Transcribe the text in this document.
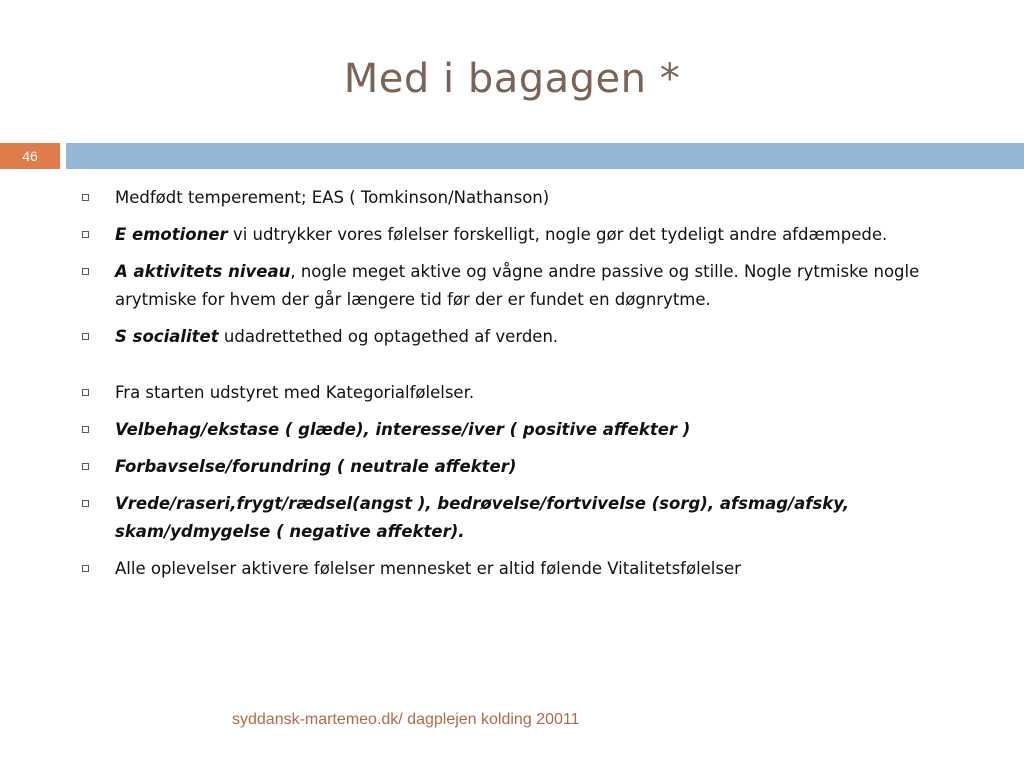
Med i bagagen *
46
Medfødt temperement; EAS ( Tomkinson/Nathanson)
E emotioner vi udtrykker vores følelser forskelligt, nogle gør det tydeligt andre afdæmpede.
A aktivitets niveau, nogle meget aktive og vågne andre passive og stille. Nogle rytmiske nogle arytmiske for hvem der går længere tid før der er fundet en døgnrytme.
S socialitet udadrettethed og optagethed af verden.
Fra starten udstyret med Kategorialfølelser.
Velbehag/ekstase ( glæde), interesse/iver ( positive affekter )
Forbavselse/forundring ( neutrale affekter)
Vrede/raseri,frygt/rædsel(angst ), bedrøvelse/fortvivelse (sorg), afsmag/afsky, skam/ydmygelse ( negative affekter).
Alle oplevelser aktivere følelser mennesket er altid følende Vitalitetsfølelser
syddansk-martemeo.dk/ dagplejen kolding 20011
